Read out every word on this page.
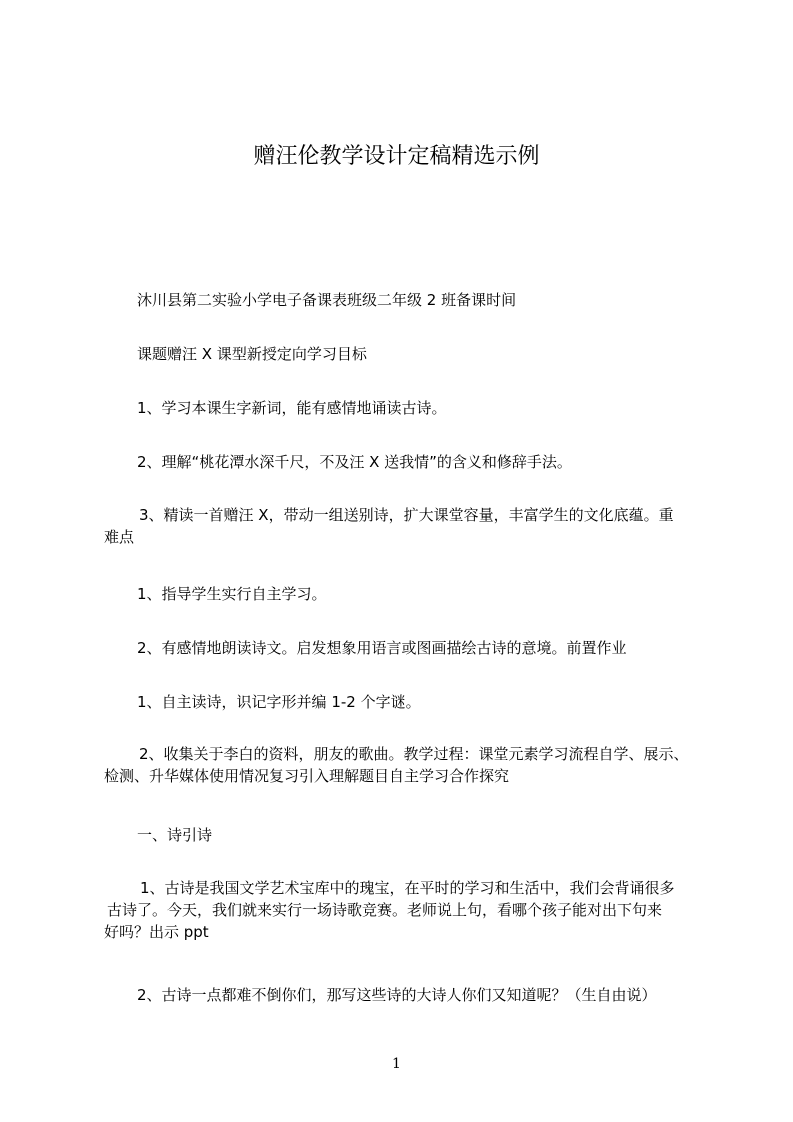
赠汪伦教学设计定稿精选示例
沐川县第二实验小学电子备课表班级二年级 2 班备课时间
课题赠汪 X 课型新授定向学习目标
1、学习本课生字新词，能有感情地诵读古诗。
2、理解“桃花潭水深千尺，不及汪 X 送我情”的含义和修辞手法。
3、精读一首赠汪 X，带动一组送别诗，扩大课堂容量，丰富学生的文化底蕴。重
难点
1、指导学生实行自主学习。
2、有感情地朗读诗文。启发想象用语言或图画描绘古诗的意境。前置作业
1、自主读诗，识记字形并编 1-2 个字谜。
2、收集关于李白的资料，朋友的歌曲。教学过程：课堂元素学习流程自学、展示、
检测、升华媒体使用情况复习引入理解题目自主学习合作探究
一、诗引诗
1、古诗是我国文学艺术宝库中的瑰宝，在平时的学习和生活中，我们会背诵很多
古诗了。今天，我们就来实行一场诗歌竞赛。老师说上句，看哪个孩子能对出下句来
好吗？出示 ppt
2、古诗一点都难不倒你们，那写这些诗的大诗人你们又知道呢？（生自由说）
1
